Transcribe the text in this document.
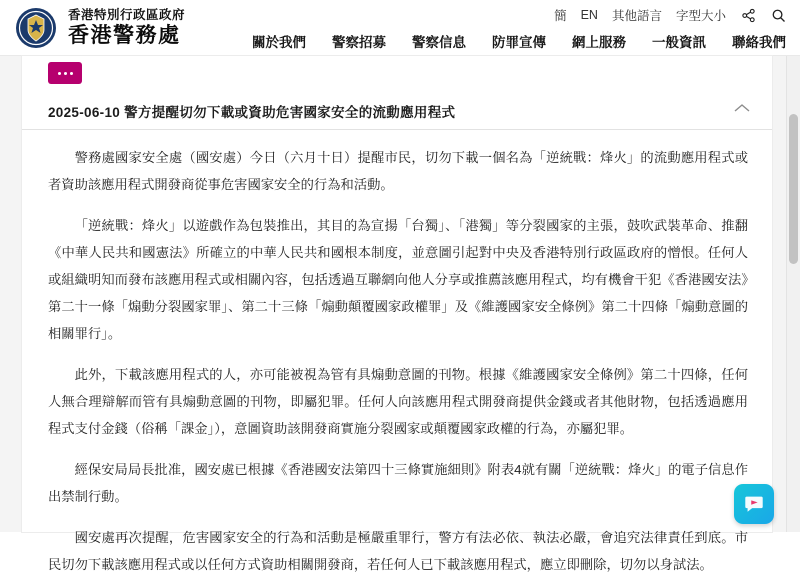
香港特別行政區政府
香港警務處
簡 EN 其他語言 字型大小
關於我們 警察招募 警察信息 防罪宣傳 網上服務 一般資訊 聯絡我們
2025-06-10 警方提醒切勿下載或資助危害國家安全的流動應用程式

警務處國家安全處（國安處）今日（六月十日）提醒市民，切勿下載一個名為「逆統戰：烽火」的流動應用程式或者資助該應用程式開發商從事危害國家安全的行為和活動。

「逆統戰：烽火」以遊戲作為包裝推出，其目的為宣揚「台獨」、「港獨」等分裂國家的主張，鼓吹武裝革命、推翻《中華人民共和國憲法》所確立的中華人民共和國根本制度，並意圖引起對中央及香港特別行政區政府的憎恨。任何人或組織明知而發布該應用程式或相關內容，包括透過互聯網向他人分享或推薦該應用程式，均有機會干犯《香港國安法》第二十一條「煽動分裂國家罪」、第二十三條「煽動顛覆國家政權罪」及《維護國家安全條例》第二十四條「煽動意圖的相關罪行」。

此外，下載該應用程式的人，亦可能被視為管有具煽動意圖的刊物。根據《維護國家安全條例》第二十四條，任何人無合理辯解而管有具煽動意圖的刊物，即屬犯罪。任何人向該應用程式開發商提供金錢或者其他財物，包括透過應用程式支付金錢（俗稱「課金」），意圖資助該開發商實施分裂國家或顛覆國家政權的行為，亦屬犯罪。

經保安局局長批准，國安處已根據《香港國安法第四十三條實施細則》附表4就有關「逆統戰：烽火」的電子信息作出禁制行動。

國安處再次提醒，危害國家安全的行為和活動是極嚴重罪行，警方有法必依、執法必嚴，會追究法律責任到底。市民切勿下載該應用程式或以任何方式資助相關開發商，若任何人已下載該應用程式，應立即刪除，切勿以身試法。
